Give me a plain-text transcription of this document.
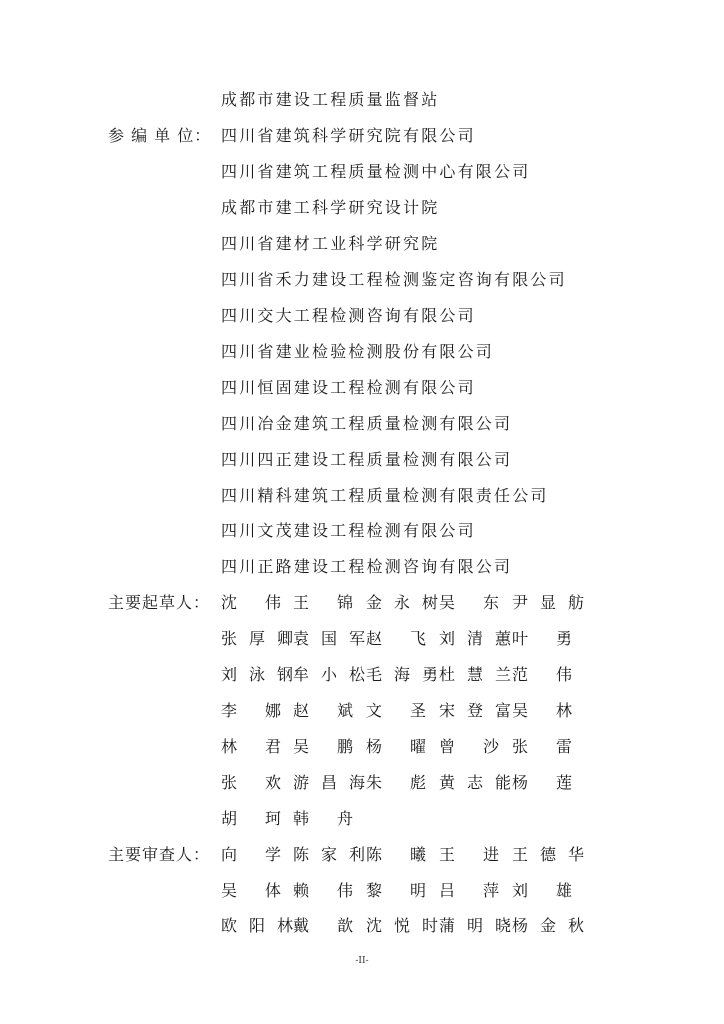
成都市建设工程质量监督站
参 编 单 位： 四川省建筑科学研究院有限公司
四川省建筑工程质量检测中心有限公司
成都市建工科学研究设计院
四川省建材工业科学研究院
四川省禾力建设工程检测鉴定咨询有限公司
四川交大工程检测咨询有限公司
四川省建业检验检测股份有限公司
四川恒固建设工程检测有限公司
四川冶金建筑工程质量检测有限公司
四川四正建设工程质量检测有限公司
四川精科建筑工程质量检测有限责任公司
四川文茂建设工程检测有限公司
四川正路建设工程检测咨询有限公司
主要起草人： 沈 伟 王 锦 金 永 树 吴 东 尹 显 舫
张 厚 卿 袁 国 军 赵 飞 刘 清 蕙 叶 勇
刘 泳 钢 牟 小 松 毛 海 勇 杜 慧 兰 范 伟
李 娜 赵 斌 文 圣 宋 登 富 吴 林
林 君 吴 鹏 杨 曜 曾 沙 张 雷
张 欢 游 昌 海 朱 彪 黄 志 能 杨 莲
胡 珂 韩 舟
主要审查人： 向 学 陈 家 利 陈 曦 王 进 王 德 华
吴 体 赖 伟 黎 明 吕 萍 刘 雄
欧 阳 林 戴 歆 沈 悦 时 蒲 明 晓 杨 金 秋
-II-
